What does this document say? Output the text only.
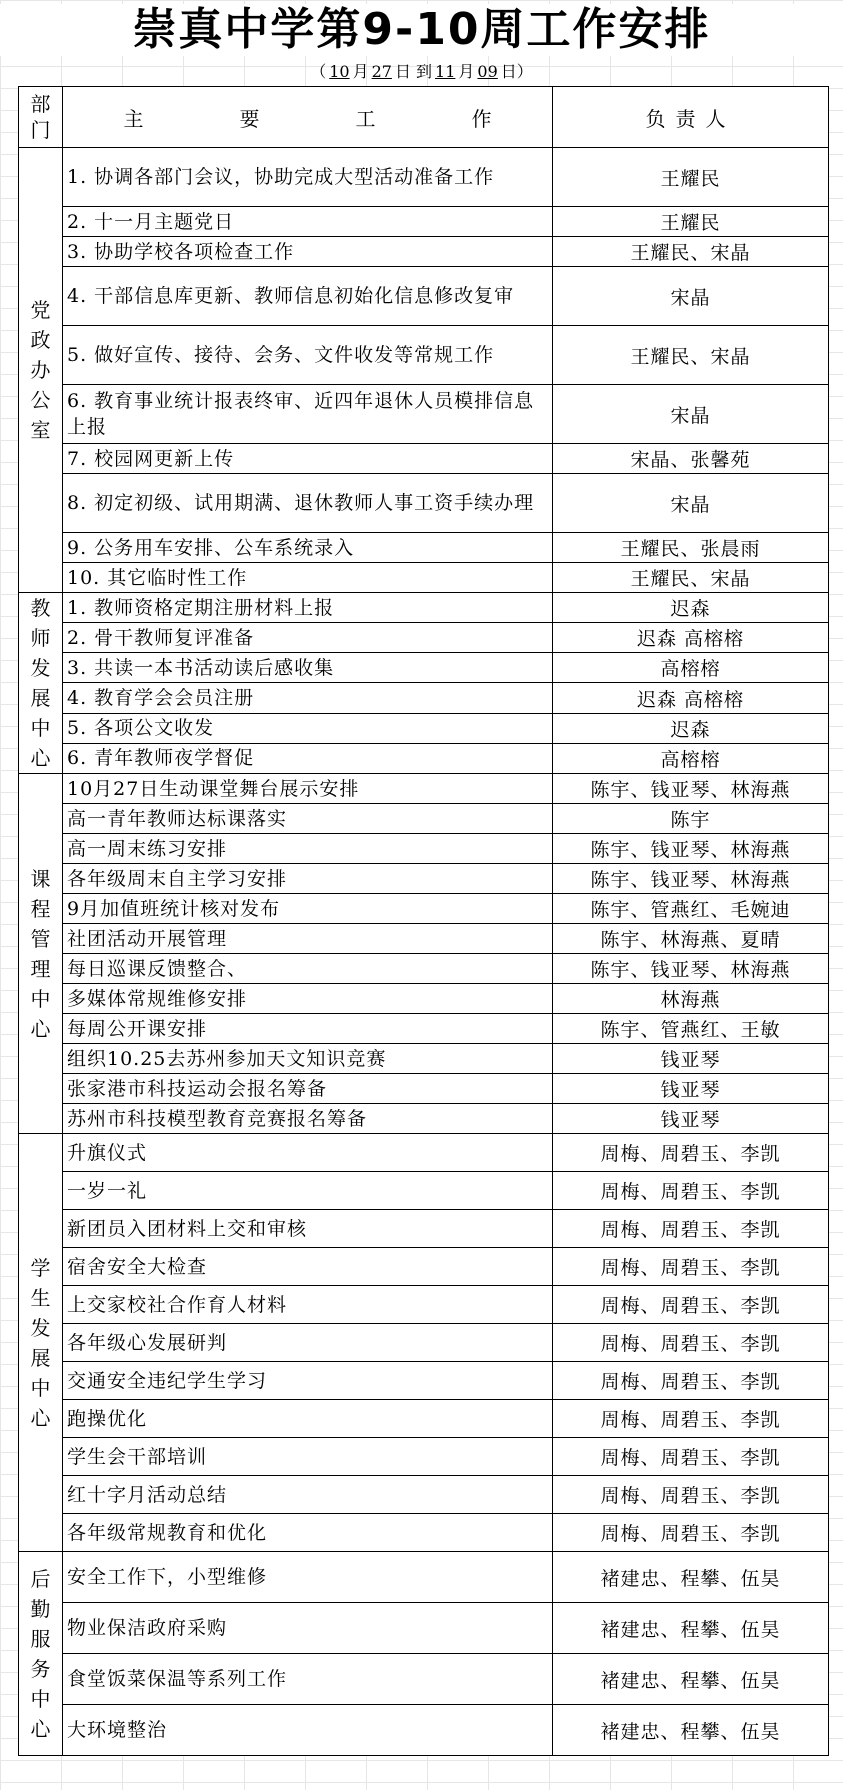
崇真中学第9-10周工作安排
（ 10 月 27 日 到 11 月 09 日）
部门	主 要 工 作	负责人

党政办公室	1. 协调各部门会议，协助完成大型活动准备工作	王耀民
	2. 十一月主题党日	王耀民
	3. 协助学校各项检查工作	王耀民、宋晶
	4. 干部信息库更新、教师信息初始化信息修改复审	宋晶
	5. 做好宣传、接待、会务、文件收发等常规工作	王耀民、宋晶
	6. 教育事业统计报表终审、近四年退休人员模排信息上报	宋晶
	7. 校园网更新上传	宋晶、张馨苑
	8. 初定初级、试用期满、退休教师人事工资手续办理	宋晶
	9. 公务用车安排、公车系统录入	王耀民、张晨雨
	10. 其它临时性工作	王耀民、宋晶

教师发展中心	1. 教师资格定期注册材料上报	迟森
	2. 骨干教师复评准备	迟森 高榕榕
	3. 共读一本书活动读后感收集	高榕榕
	4. 教育学会会员注册	迟森 高榕榕
	5. 各项公文收发	迟森
	6. 青年教师夜学督促	高榕榕

课程管理中心	10月27日生动课堂舞台展示安排	陈宇、钱亚琴、林海燕
	高一青年教师达标课落实	陈宇
	高一周末练习安排	陈宇、钱亚琴、林海燕
	各年级周末自主学习安排	陈宇、钱亚琴、林海燕
	9月加值班统计核对发布	陈宇、管燕红、毛婉迪
	社团活动开展管理	陈宇、林海燕、夏晴
	每日巡课反馈整合、	陈宇、钱亚琴、林海燕
	多媒体常规维修安排	林海燕
	每周公开课安排	陈宇、管燕红、王敏
	组织10.25去苏州参加天文知识竞赛	钱亚琴
	张家港市科技运动会报名筹备	钱亚琴
	苏州市科技模型教育竞赛报名筹备	钱亚琴

学生发展中心	升旗仪式	周梅、周碧玉、李凯
	一岁一礼	周梅、周碧玉、李凯
	新团员入团材料上交和审核	周梅、周碧玉、李凯
	宿舍安全大检查	周梅、周碧玉、李凯
	上交家校社合作育人材料	周梅、周碧玉、李凯
	各年级心发展研判	周梅、周碧玉、李凯
	交通安全违纪学生学习	周梅、周碧玉、李凯
	跑操优化	周梅、周碧玉、李凯
	学生会干部培训	周梅、周碧玉、李凯
	红十字月活动总结	周梅、周碧玉、李凯
	各年级常规教育和优化	周梅、周碧玉、李凯

后勤服务中心	安全工作下，小型维修	褚建忠、程攀、伍昊
	物业保洁政府采购	褚建忠、程攀、伍昊
	食堂饭菜保温等系列工作	褚建忠、程攀、伍昊
	大环境整治	褚建忠、程攀、伍昊
